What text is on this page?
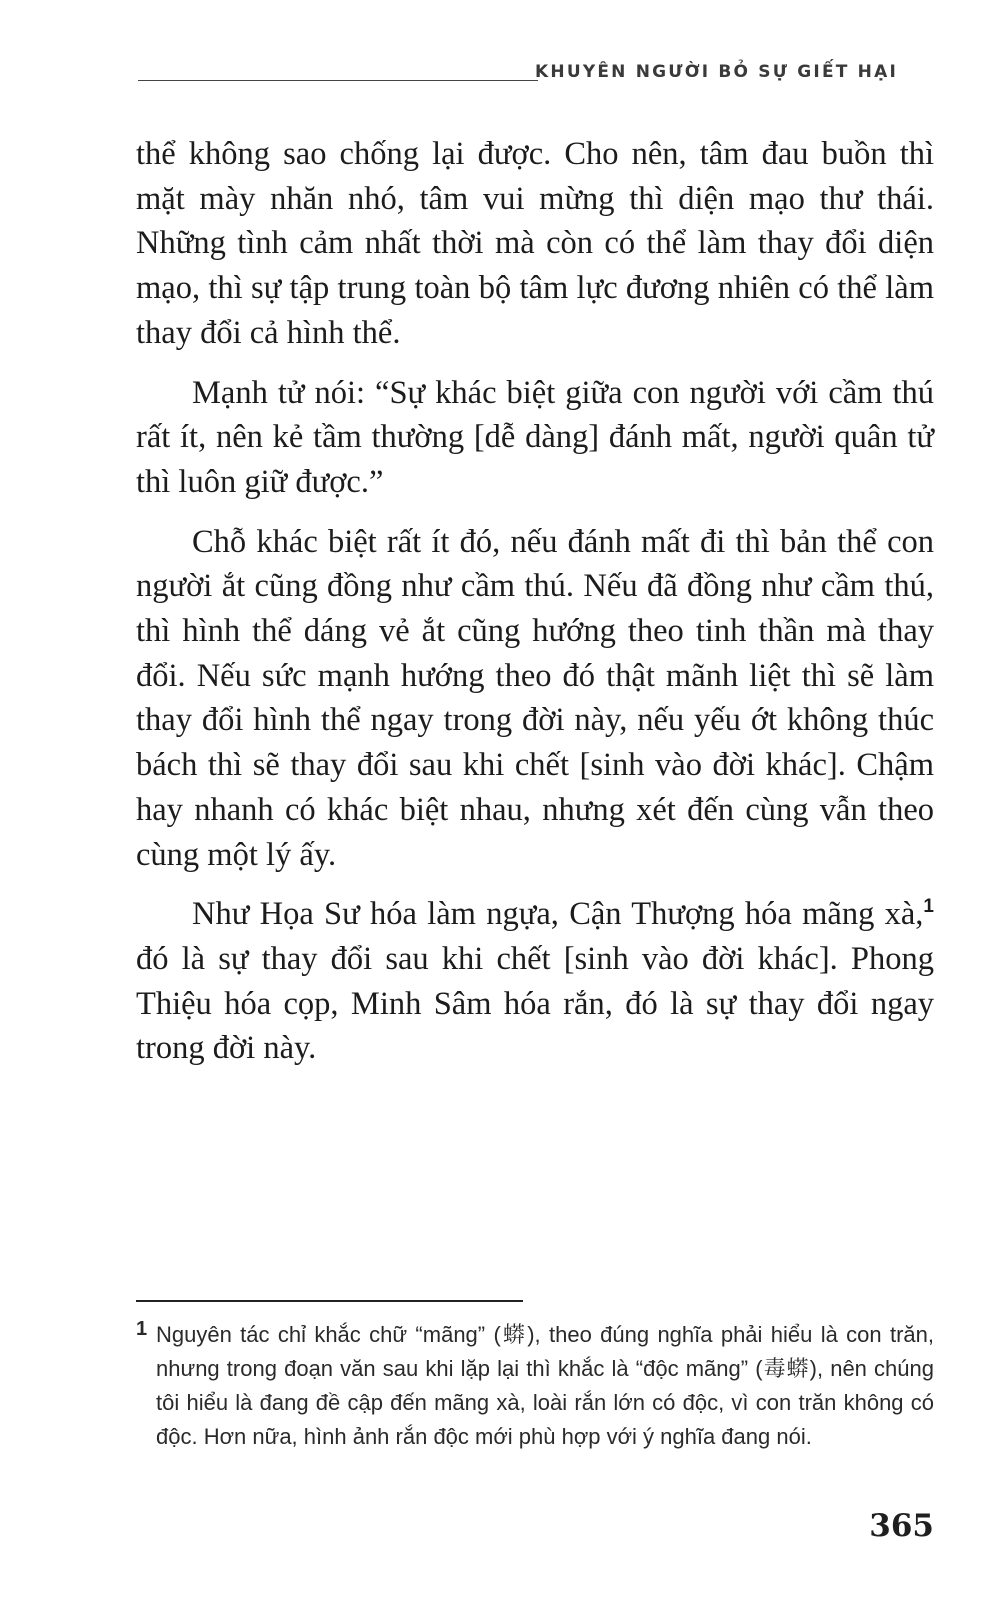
KHUYÊN NGƯỜI BỎ SỰ GIẾT HẠI

thể không sao chống lại được. Cho nên, tâm đau buồn thì mặt mày nhăn nhó, tâm vui mừng thì diện mạo thư thái. Những tình cảm nhất thời mà còn có thể làm thay đổi diện mạo, thì sự tập trung toàn bộ tâm lực đương nhiên có thể làm thay đổi cả hình thể.

Mạnh tử nói: “Sự khác biệt giữa con người với cầm thú rất ít, nên kẻ tầm thường [dễ dàng] đánh mất, người quân tử thì luôn giữ được.”

Chỗ khác biệt rất ít đó, nếu đánh mất đi thì bản thể con người ắt cũng đồng như cầm thú. Nếu đã đồng như cầm thú, thì hình thể dáng vẻ ắt cũng hướng theo tinh thần mà thay đổi. Nếu sức mạnh hướng theo đó thật mãnh liệt thì sẽ làm thay đổi hình thể ngay trong đời này, nếu yếu ớt không thúc bách thì sẽ thay đổi sau khi chết [sinh vào đời khác]. Chậm hay nhanh có khác biệt nhau, nhưng xét đến cùng vẫn theo cùng một lý ấy.

Như Họa Sư hóa làm ngựa, Cận Thượng hóa mãng xà,$^1$ đó là sự thay đổi sau khi chết [sinh vào đời khác]. Phong Thiệu hóa cọp, Minh Sâm hóa rắn, đó là sự thay đổi ngay trong đời này.

1 Nguyên tác chỉ khắc chữ “mãng” (蟒), theo đúng nghĩa phải hiểu là con trăn, nhưng trong đoạn văn sau khi lặp lại thì khắc là “độc mãng” (毒蟒), nên chúng tôi hiểu là đang đề cập đến mãng xà, loài rắn lớn có độc, vì con trăn không có độc. Hơn nữa, hình ảnh rắn độc mới phù hợp với ý nghĩa đang nói.
365
